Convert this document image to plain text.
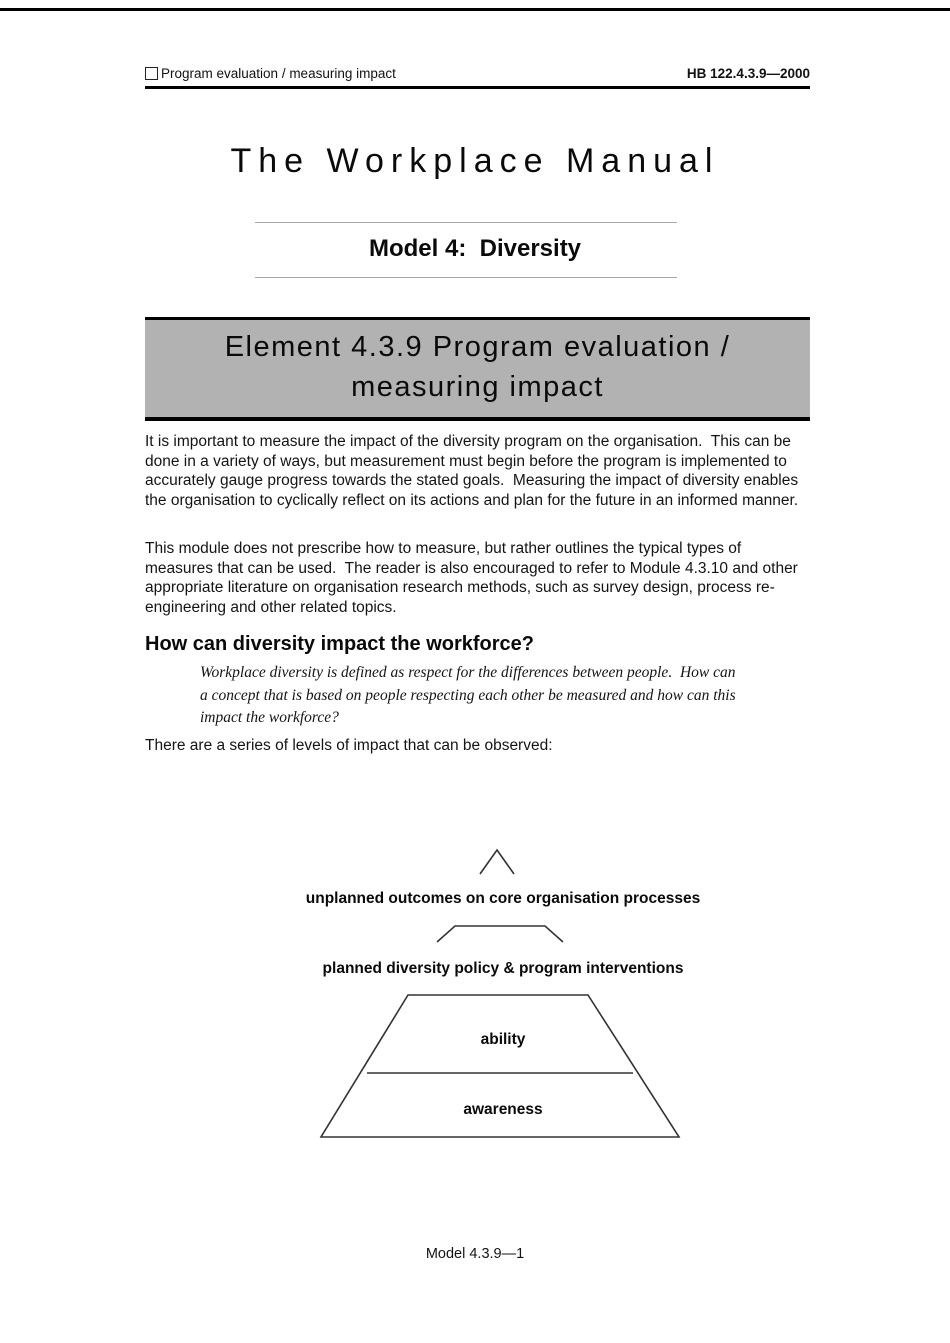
Program evaluation / measuring impact	HB 122.4.3.9—2000
The Workplace Manual
Model 4:  Diversity
Element 4.3.9 Program evaluation /
measuring impact
It is important to measure the impact of the diversity program on the organisation.  This can be done in a variety of ways, but measurement must begin before the program is implemented to accurately gauge progress towards the stated goals.  Measuring the impact of diversity enables the organisation to cyclically reflect on its actions and plan for the future in an informed manner.
This module does not prescribe how to measure, but rather outlines the typical types of measures that can be used.  The reader is also encouraged to refer to Module 4.3.10 and other appropriate literature on organisation research methods, such as survey design, process re-engineering and other related topics.
How can diversity impact the workforce?
Workplace diversity is defined as respect for the differences between people.  How can a concept that is based on people respecting each other be measured and how can this impact the workforce?
There are a series of levels of impact that can be observed:
unplanned outcomes on core organisation processes
planned diversity policy & program interventions
ability
awareness
Model 4.3.9—1
